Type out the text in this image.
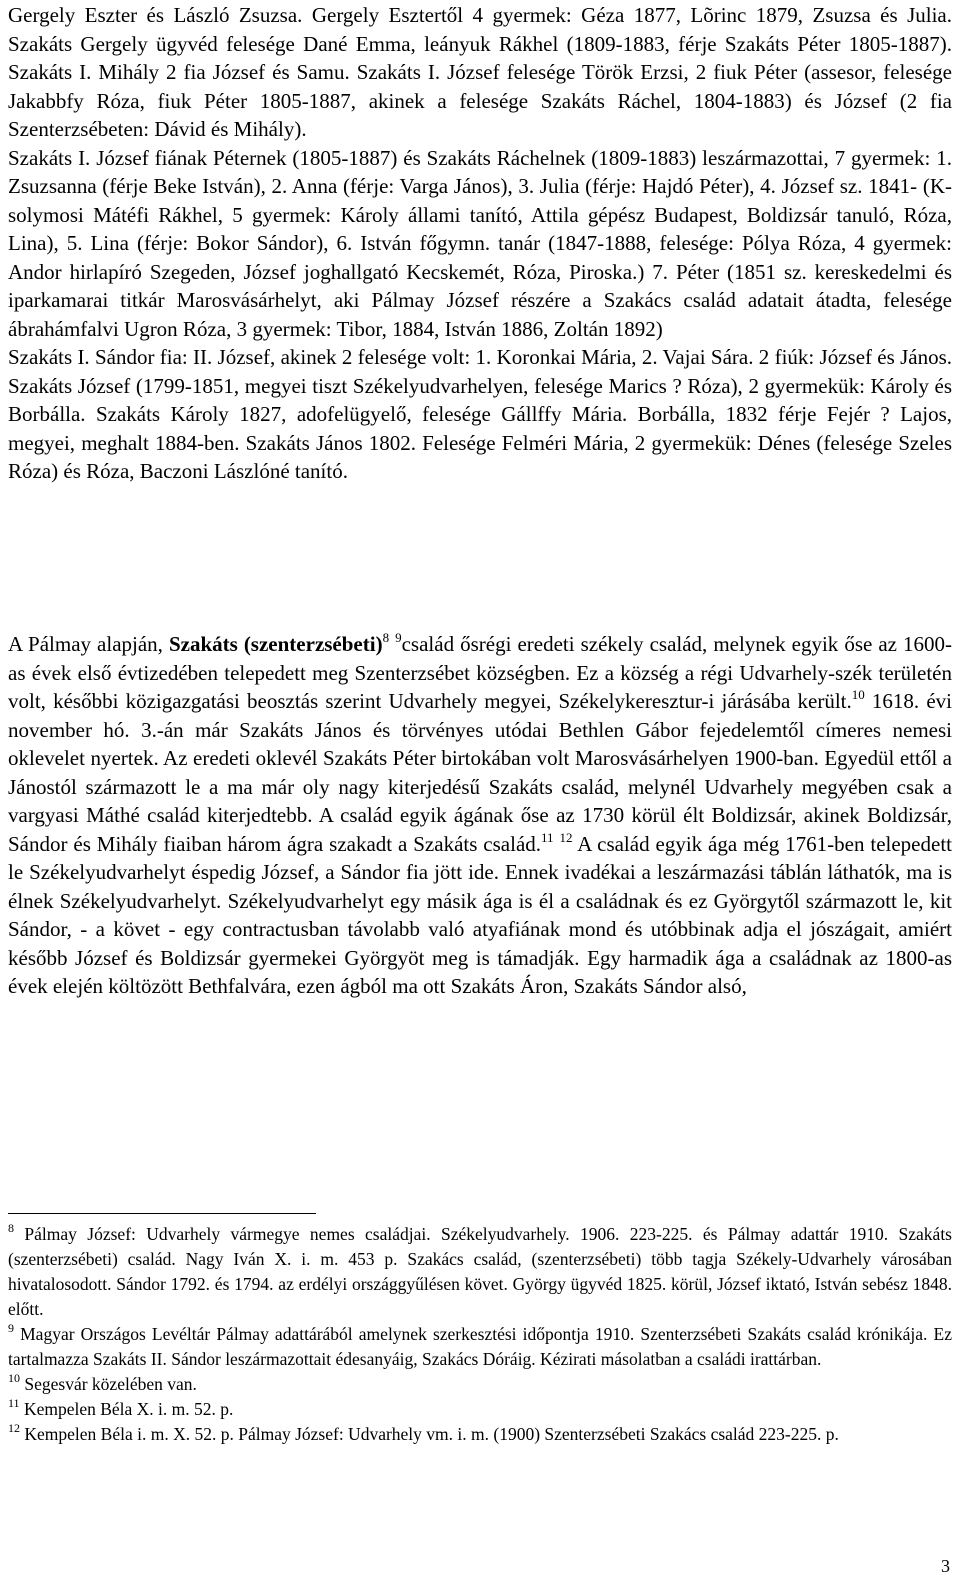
Gergely Eszter és László Zsuzsa. Gergely Esztertől 4 gyermek: Géza 1877, Lõrinc 1879, Zsuzsa és Julia. Szakáts Gergely ügyvéd felesége Dané Emma, leányuk Rákhel (1809-1883, férje Szakáts Péter 1805-1887). Szakáts I. Mihály 2 fia József és Samu. Szakáts I. József felesége Török Erzsi, 2 fiuk Péter (assesor, felesége Jakabbfy Róza, fiuk Péter 1805-1887, akinek a felesége Szakáts Ráchel, 1804-1883) és József (2 fia Szenterzsébeten: Dávid és Mihály).

Szakáts I. József fiának Péternek (1805-1887) és Szakáts Ráchelnek (1809-1883) leszármazottai, 7 gyermek: 1. Zsuzsanna (férje Beke István), 2. Anna (férje: Varga János), 3. Julia (férje: Hajdó Péter), 4. József sz. 1841- (K-solymosi Mátéfi Rákhel, 5 gyermek: Károly állami tanító, Attila gépész Budapest, Boldizsár tanuló, Róza, Lina), 5. Lina (férje: Bokor Sándor), 6. István főgymn. tanár (1847-1888, felesége: Pólya Róza, 4 gyermek: Andor hirlapíró Szegeden, József joghallgató Kecskemét, Róza, Piroska.) 7. Péter (1851 sz. kereskedelmi és iparkamarai titkár Marosvásárhelyt, aki Pálmay József részére a Szakács család adatait átadta, felesége ábrahámfalvi Ugron Róza, 3 gyermek: Tibor, 1884, István 1886, Zoltán 1892)

Szakáts I. Sándor fia: II. József, akinek 2 felesége volt: 1. Koronkai Mária, 2. Vajai Sára. 2 fiúk: József és János. Szakáts József (1799-1851, megyei tiszt Székelyudvarhelyen, felesége Marics ? Róza), 2 gyermekük: Károly és Borbálla. Szakáts Károly 1827, adofelügyelő, felesége Gállffy Mária. Borbálla, 1832 férje Fejér ? Lajos, megyei, meghalt 1884-ben. Szakáts János 1802. Felesége Felméri Mária, 2 gyermekük: Dénes (felesége Szeles Róza) és Róza, Baczoni Lászlóné tanító.

A Pálmay alapján, Szakáts (szenterzsébeti)$^8$ $^9$család ősrégi eredeti székely család, melynek egyik őse az 1600-as évek első évtizedében telepedett meg Szenterzsébet községben. Ez a község a régi Udvarhely-szék területén volt, későbbi közigazgatási beosztás szerint Udvarhely megyei, Székelykeresztur-i járásába került.$^{10}$ 1618. évi november hó. 3.-án már Szakáts János és törvényes utódai Bethlen Gábor fejedelemtől címeres nemesi oklevelet nyertek. Az eredeti oklevél Szakáts Péter birtokában volt Marosvásárhelyen 1900-ban. Egyedül ettől a Jánostól származott le a ma már oly nagy kiterjedésű Szakáts család, melynél Udvarhely megyében csak a vargyasi Máthé család kiterjedtebb. A család egyik ágának őse az 1730 körül élt Boldizsár, akinek Boldizsár, Sándor és Mihály fiaiban három ágra szakadt a Szakáts család.$^{11}$ $^{12}$ A család egyik ága még 1761-ben telepedett le Székelyudvarhelyt éspedig József, a Sándor fia jött ide. Ennek ivadékai a leszármazási táblán láthatók, ma is élnek Székelyudvarhelyt. Székelyudvarhelyt egy másik ága is él a családnak és ez Györgytől származott le, kit Sándor, - a követ - egy contractusban távolabb való atyafiának mond és utóbbinak adja el jószágait, amiért később József és Boldizsár gyermekei Györgyöt meg is támadják. Egy harmadik ága a családnak az 1800-as évek elején költözött Bethfalvára, ezen ágból ma ott Szakáts Áron, Szakáts Sándor alsó,

$^8$ Pálmay József: Udvarhely vármegye nemes családjai. Székelyudvarhely. 1906. 223-225. és Pálmay adattár 1910. Szakáts (szenterzsébeti) család. Nagy Iván X. i. m. 453 p. Szakács család, (szenterzsébeti) több tagja Székely-Udvarhely városában hivatalosodott. Sándor 1792. és 1794. az erdélyi országgyűlésen követ. György ügyvéd 1825. körül, József iktató, István sebész 1848. előtt.

$^9$ Magyar Országos Levéltár Pálmay adattárából amelynek szerkesztési időpontja 1910. Szenterzsébeti Szakáts család krónikája. Ez tartalmazza Szakáts II. Sándor leszármazottait édesanyáig, Szakács Dóráig. Kézirati másolatban a családi irattárban.

$^{10}$ Segesvár közelében van.

$^{11}$ Kempelen Béla X. i. m. 52. p.

$^{12}$ Kempelen Béla i. m. X. 52. p. Pálmay József: Udvarhely vm. i. m. (1900) Szenterzsébeti Szakács család 223-225. p.

3
